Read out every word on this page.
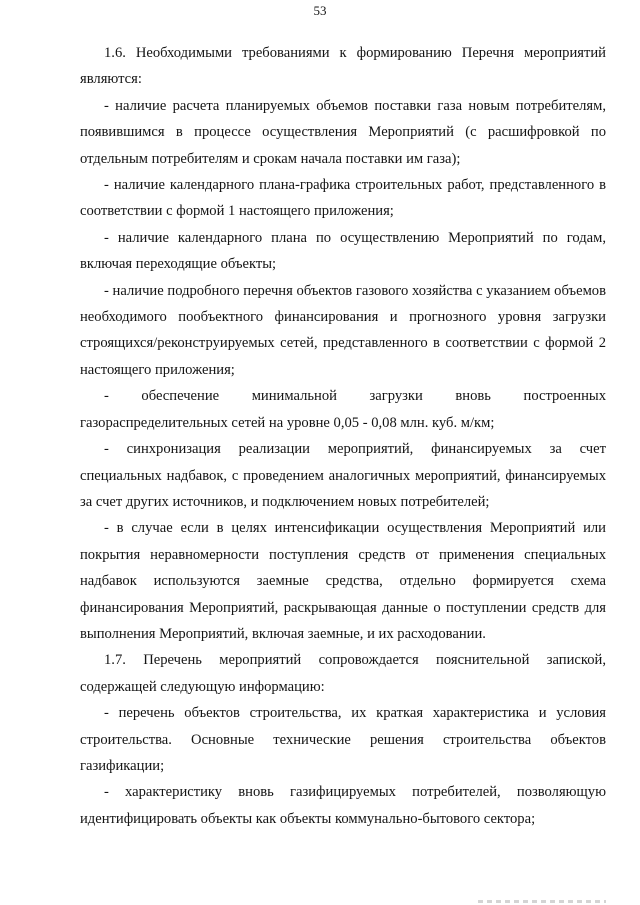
53

1.6. Необходимыми требованиями к формированию Перечня мероприятий являются:

- наличие расчета планируемых объемов поставки газа новым потребителям, появившимся в процессе осуществления Мероприятий (с расшифровкой по отдельным потребителям и срокам начала поставки им газа);

- наличие календарного плана-графика строительных работ, представленного в соответствии с формой 1 настоящего приложения;

- наличие календарного плана по осуществлению Мероприятий по годам, включая переходящие объекты;

- наличие подробного перечня объектов газового хозяйства с указанием объемов необходимого пообъектного финансирования и прогнозного уровня загрузки строящихся/реконструируемых сетей, представленного в соответствии с формой 2 настоящего приложения;

- обеспечение минимальной загрузки вновь построенных газораспределительных сетей на уровне 0,05 - 0,08 млн. куб. м/км;

- синхронизация реализации мероприятий, финансируемых за счет специальных надбавок, с проведением аналогичных мероприятий, финансируемых за счет других источников, и подключением новых потребителей;

- в случае если в целях интенсификации осуществления Мероприятий или покрытия неравномерности поступления средств от применения специальных надбавок используются заемные средства, отдельно формируется схема финансирования Мероприятий, раскрывающая данные о поступлении средств для выполнения Мероприятий, включая заемные, и их расходовании.

1.7. Перечень мероприятий сопровождается пояснительной запиской, содержащей следующую информацию:

- перечень объектов строительства, их краткая характеристика и условия строительства. Основные технические решения строительства объектов газификации;

- характеристику вновь газифицируемых потребителей, позволяющую идентифицировать объекты как объекты коммунально-бытового сектора;
